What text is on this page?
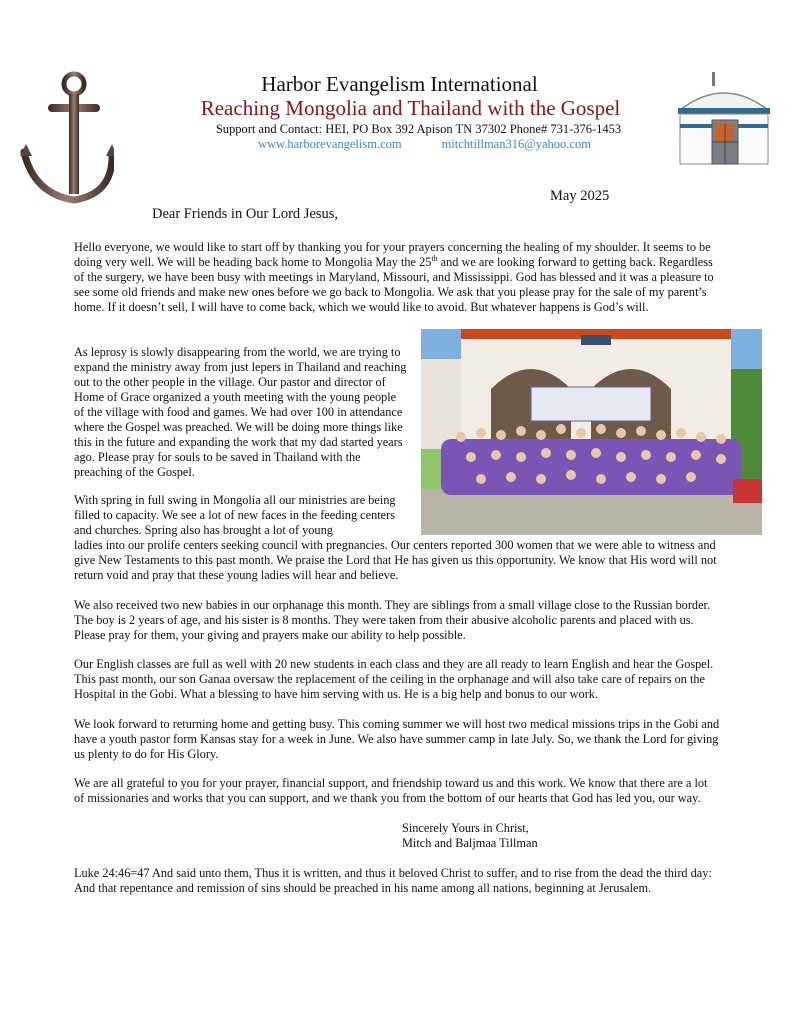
Harbor Evangelism International
Reaching Mongolia and Thailand with the Gospel
Support and Contact: HEI, PO Box 392 Apison TN 37302 Phone# 731-376-1453
www.harborevangelism.com	mitchtillman316@yahoo.com
May 2025
Dear Friends in Our Lord Jesus,
Hello everyone, we would like to start off by thanking you for your prayers concerning the healing of my shoulder. It seems to be doing very well. We will be heading back home to Mongolia May the 25th and we are looking forward to getting back. Regardless of the surgery, we have been busy with meetings in Maryland, Missouri, and Mississippi. God has blessed and it was a pleasure to see some old friends and make new ones before we go back to Mongolia. We ask that you please pray for the sale of my parent’s home. If it doesn’t sell, I will have to come back, which we would like to avoid. But whatever happens is God’s will.
As leprosy is slowly disappearing from the world, we are trying to expand the ministry away from just lepers in Thailand and reaching out to the other people in the village. Our pastor and director of Home of Grace organized a youth meeting with the young people of the village with food and games. We had over 100 in attendance where the Gospel was preached. We will be doing more things like this in the future and expanding the work that my dad started years ago. Please pray for souls to be saved in Thailand with the preaching of the Gospel.
With spring in full swing in Mongolia all our ministries are being filled to capacity. We see a lot of new faces in the feeding centers and churches. Spring also has brought a lot of young
ladies into our prolife centers seeking council with pregnancies. Our centers reported 300 women that we were able to witness and give New Testaments to this past month. We praise the Lord that He has given us this opportunity. We know that His word will not return void and pray that these young ladies will hear and believe.
We also received two new babies in our orphanage this month. They are siblings from a small village close to the Russian border. The boy is 2 years of age, and his sister is 8 months. They were taken from their abusive alcoholic parents and placed with us. Please pray for them, your giving and prayers make our ability to help possible.
Our English classes are full as well with 20 new students in each class and they are all ready to learn English and hear the Gospel. This past month, our son Ganaa oversaw the replacement of the ceiling in the orphanage and will also take care of repairs on the Hospital in the Gobi. What a blessing to have him serving with us. He is a big help and bonus to our work.
We look forward to returning home and getting busy. This coming summer we will host two medical missions trips in the Gobi and have a youth pastor form Kansas stay for a week in June. We also have summer camp in late July. So, we thank the Lord for giving us plenty to do for His Glory.
We are all grateful to you for your prayer, financial support, and friendship toward us and this work. We know that there are a lot of missionaries and works that you can support, and we thank you from the bottom of our hearts that God has led you, our way.
Sincerely Yours in Christ,
Mitch and Baljmaa Tillman
Luke 24:46=47 And said unto them, Thus it is written, and thus it beloved Christ to suffer, and to rise from the dead the third day: And that repentance and remission of sins should be preached in his name among all nations, beginning at Jerusalem.
